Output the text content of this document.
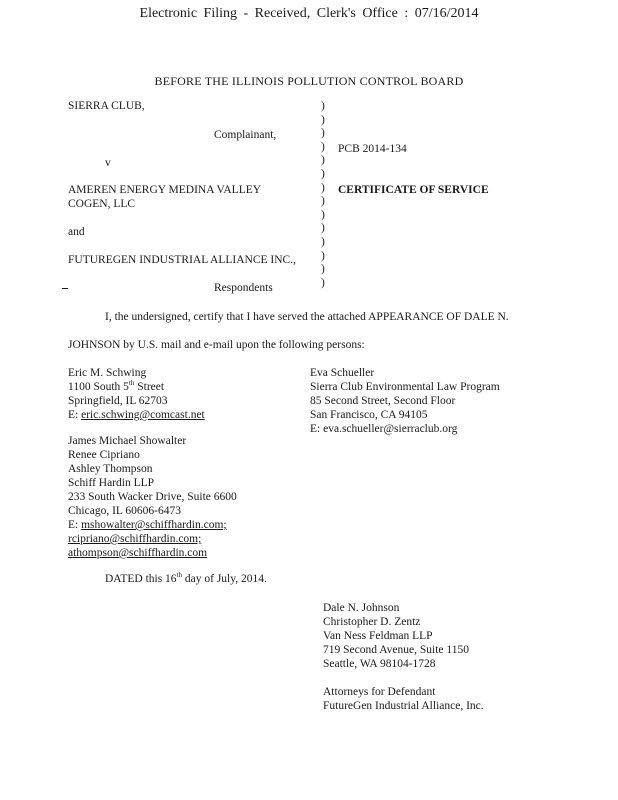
Electronic Filing - Received, Clerk's Office : 07/16/2014
BEFORE THE ILLINOIS POLLUTION CONTROL BOARD
SIERRA CLUB,
Complainant,
v
AMEREN ENERGY MEDINA VALLEY
COGEN, LLC
and
FUTUREGEN INDUSTRIAL ALLIANCE INC.,
Respondents
)
)
)
)
)
)
)
)
)
)
)
)
)
)
PCB 2014-134
CERTIFICATE OF SERVICE
I, the undersigned, certify that I have served the attached APPEARANCE OF DALE N.
JOHNSON by U.S. mail and e-mail upon the following persons:
Eric M. Schwing
1100 South 5th Street
Springfield, IL 62703
E: eric.schwing@comcast.net
James Michael Showalter
Renee Cipriano
Ashley Thompson
Schiff Hardin LLP
233 South Wacker Drive, Suite 6600
Chicago, IL 60606-6473
E: mshowalter@schiffhardin.com;
rcipriano@schiffhardin.com;
athompson@schiffhardin.com
Eva Schueller
Sierra Club Environmental Law Program
85 Second Street, Second Floor
San Francisco, CA 94105
E: eva.schueller@sierraclub.org
DATED this 16th day of July, 2014.
Dale N. Johnson
Christopher D. Zentz
Van Ness Feldman LLP
719 Second Avenue, Suite 1150
Seattle, WA 98104-1728
Attorneys for Defendant
FutureGen Industrial Alliance, Inc.
